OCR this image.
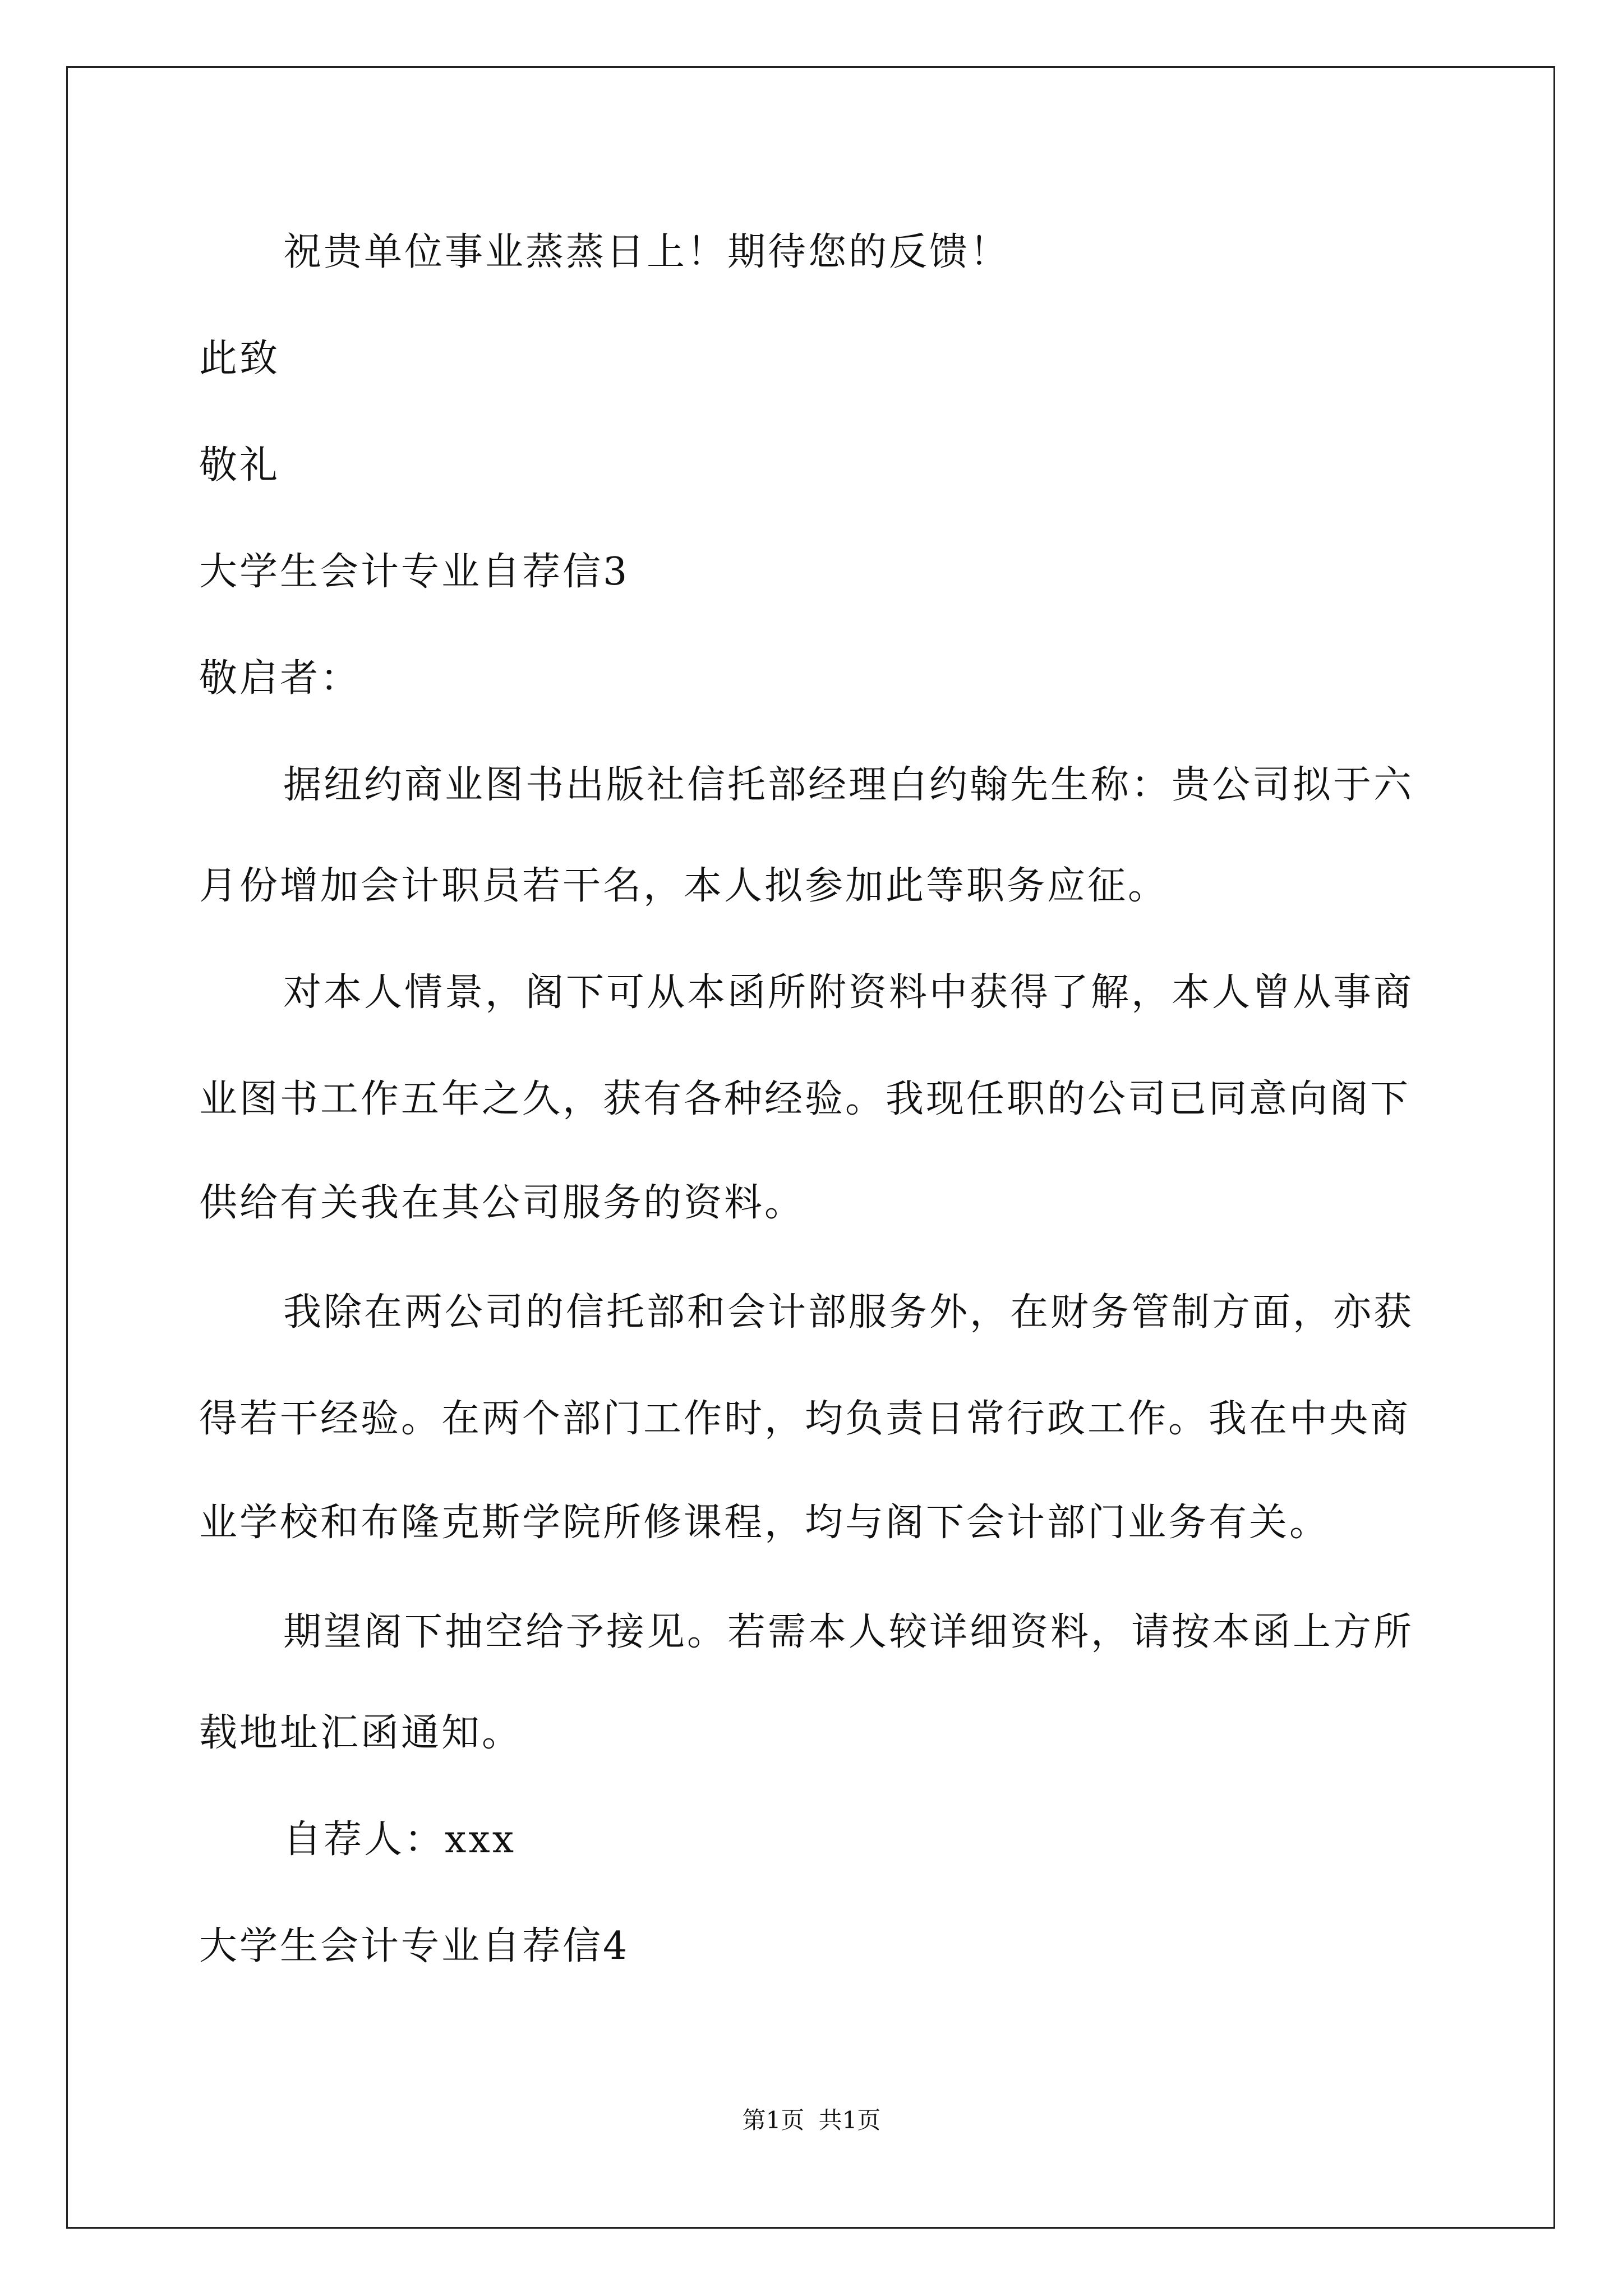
祝贵单位事业蒸蒸日上！期待您的反馈！
此致
敬礼
大学生会计专业自荐信3
敬启者：
据纽约商业图书出版社信托部经理白约翰先生称：贵公司拟于六
月份增加会计职员若干名，本人拟参加此等职务应征。
对本人情景，阁下可从本函所附资料中获得了解，本人曾从事商
业图书工作五年之久，获有各种经验。我现任职的公司已同意向阁下
供给有关我在其公司服务的资料。
我除在两公司的信托部和会计部服务外，在财务管制方面，亦获
得若干经验。在两个部门工作时，均负责日常行政工作。我在中央商
业学校和布隆克斯学院所修课程，均与阁下会计部门业务有关。
期望阁下抽空给予接见。若需本人较详细资料，请按本函上方所
载地址汇函通知。
自荐人：xxx
大学生会计专业自荐信4
第1页 共1页
